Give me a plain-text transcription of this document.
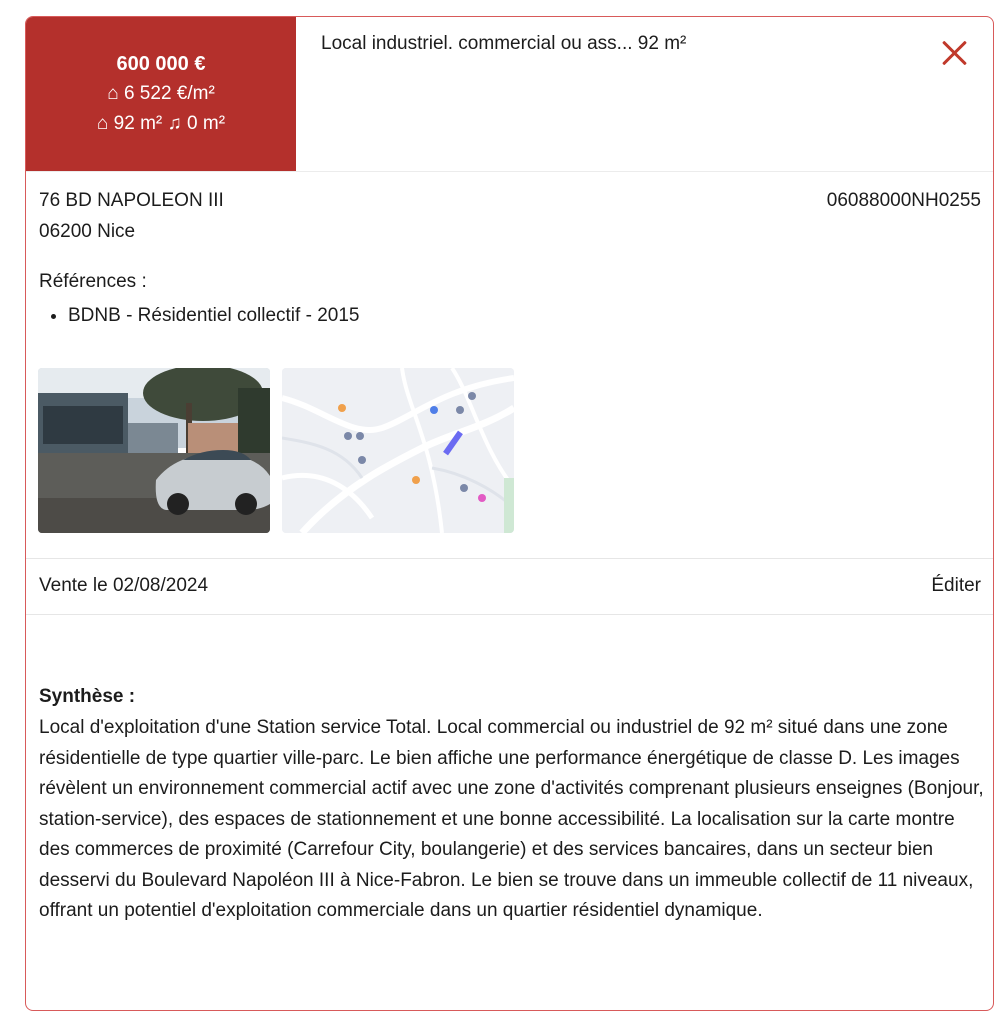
600 000 €
⌂ 6 522 €/m²
⌂ 92 m² ♫ 0 m²
Local industriel. commercial ou ass... 92 m²
76 BD NAPOLEON III
06200 Nice
06088000NH0255
Références :
• BDNB - Résidentiel collectif - 2015
Vente le 02/08/2024	Éditer
Synthèse :
Local d'exploitation d'une Station service Total. Local commercial ou industriel de 92 m² situé dans une zone résidentielle de type quartier ville-parc. Le bien affiche une performance énergétique de classe D. Les images révèlent un environnement commercial actif avec une zone d'activités comprenant plusieurs enseignes (Bonjour, station-service), des espaces de stationnement et une bonne accessibilité. La localisation sur la carte montre des commerces de proximité (Carrefour City, boulangerie) et des services bancaires, dans un secteur bien desservi du Boulevard Napoléon III à Nice-Fabron. Le bien se trouve dans un immeuble collectif de 11 niveaux, offrant un potentiel d'exploitation commerciale dans un quartier résidentiel dynamique.
